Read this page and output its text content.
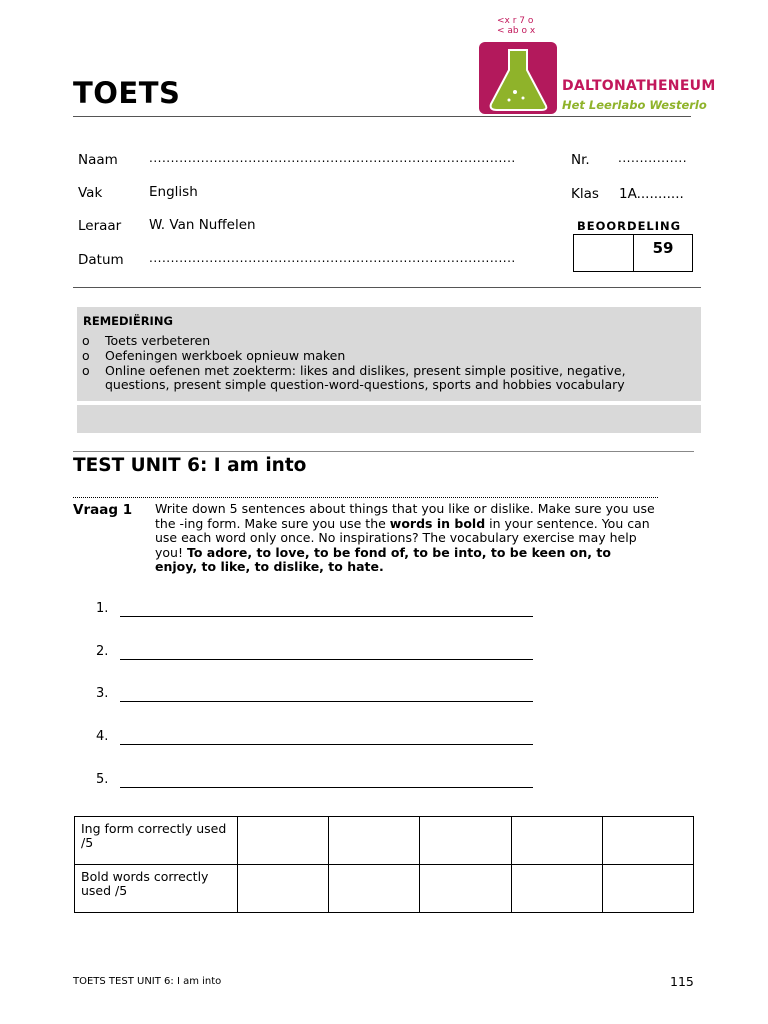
TOETS
<x r 7 o < ab o x
DALTONATHENEUM
Het Leerlabo Westerlo
Naam	.....................................................................................	Nr. ................
Vak	English	Klas 1A...........
Leraar W. Van Nuffelen
Datum .....................................................................................
BEOORDELING
59
REMEDIËRING
o	Toets verbeteren
o	Oefeningen werkboek opnieuw maken
o	Online oefenen met zoekterm: likes and dislikes, present simple positive, negative, questions, present simple question-word-questions, sports and hobbies vocabulary
TEST UNIT 6: I am into
Vraag 1 Write down 5 sentences about things that you like or dislike. Make sure you use the -ing form. Make sure you use the words in bold in your sentence. You can use each word only once. No inspirations? The vocabulary exercise may help you! To adore, to love, to be fond of, to be into, to be keen on, to enjoy, to like, to dislike, to hate.
1.
2.
3.
4.
5.
Ing form correctly used /5					
Bold words correctly used /5					
TOETS TEST UNIT 6: I am into	115
